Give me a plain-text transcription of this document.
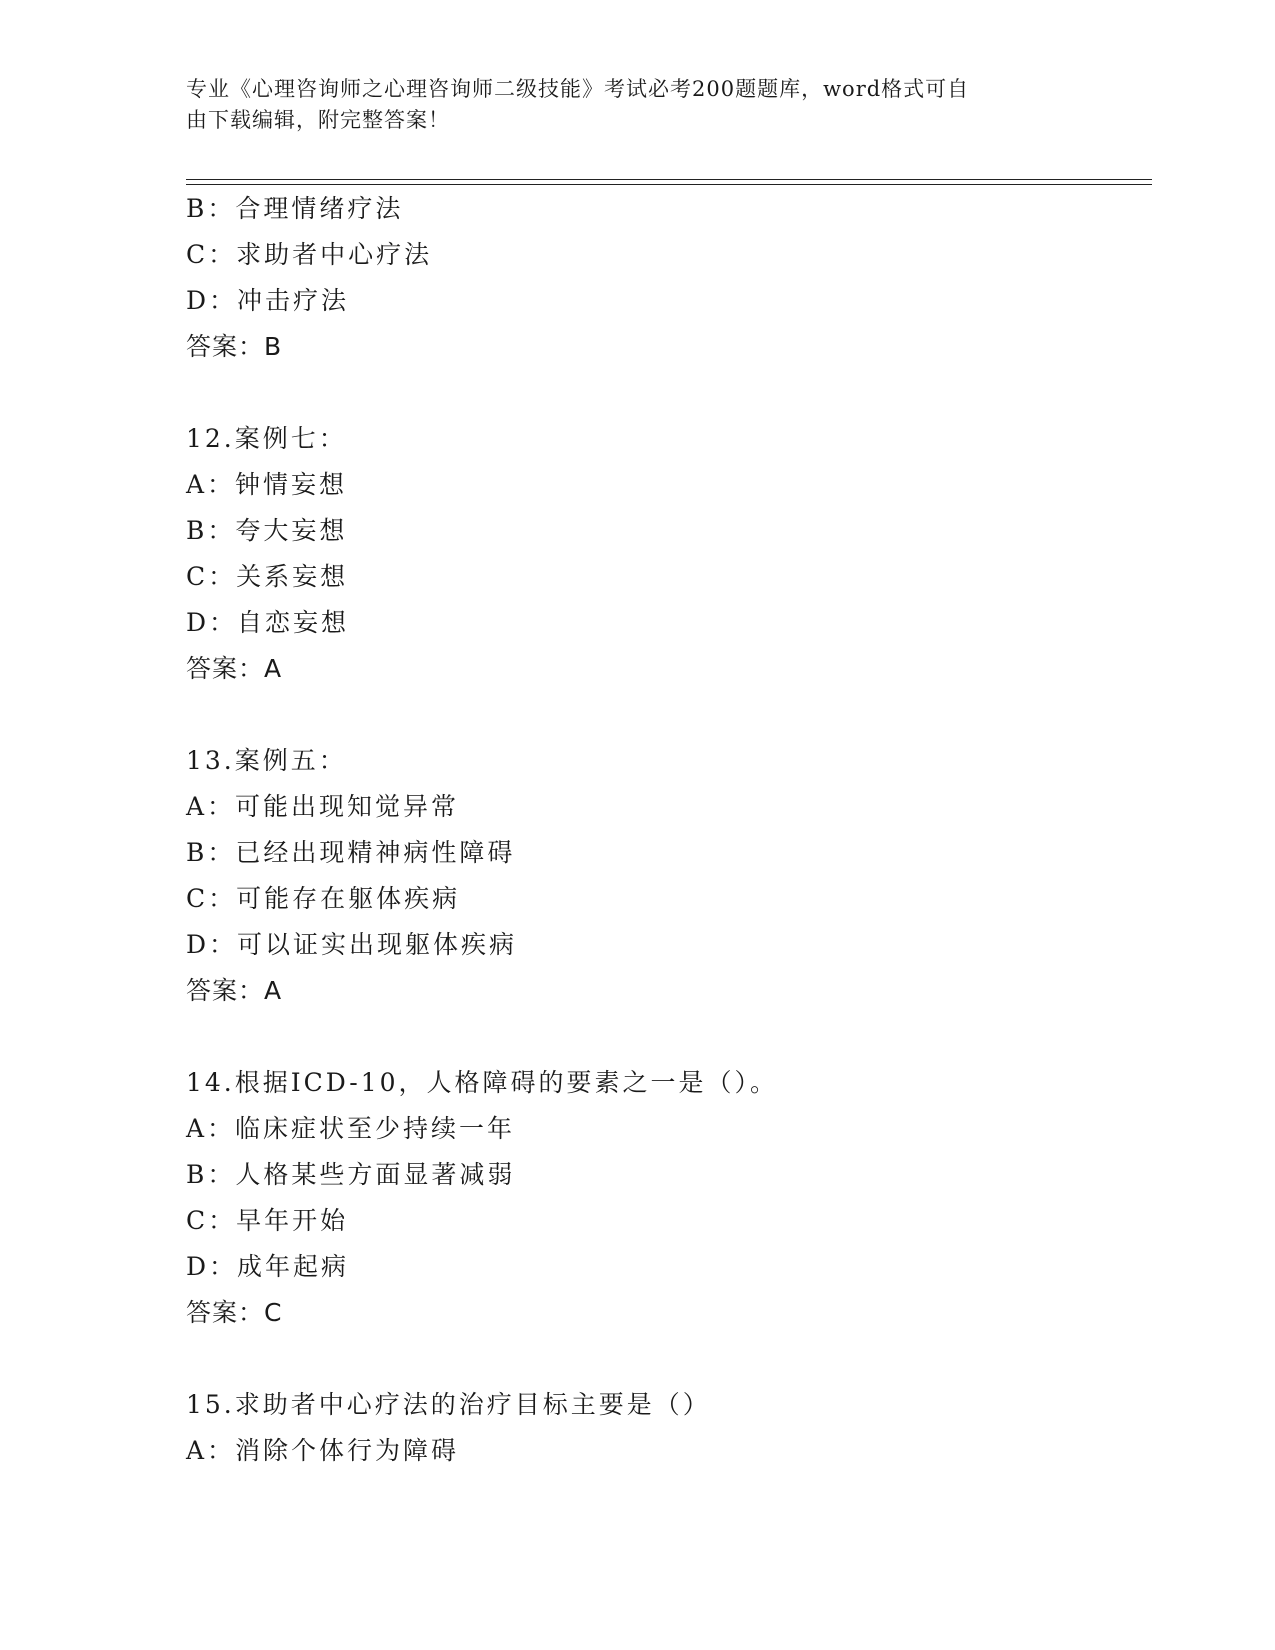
专业《心理咨询师之心理咨询师二级技能》考试必考200题题库，word格式可自
由下载编辑，附完整答案！
B：合理情绪疗法
C：求助者中心疗法
D：冲击疗法
答案：B
12.案例七：
A：钟情妄想
B：夸大妄想
C：关系妄想
D：自恋妄想
答案：A
13.案例五：
A：可能出现知觉异常
B：已经出现精神病性障碍
C：可能存在躯体疾病
D：可以证实出现躯体疾病
答案：A
14.根据ICD-10，人格障碍的要素之一是（）。
A：临床症状至少持续一年
B：人格某些方面显著减弱
C：早年开始
D：成年起病
答案：C
15.求助者中心疗法的治疗目标主要是（）
A：消除个体行为障碍
